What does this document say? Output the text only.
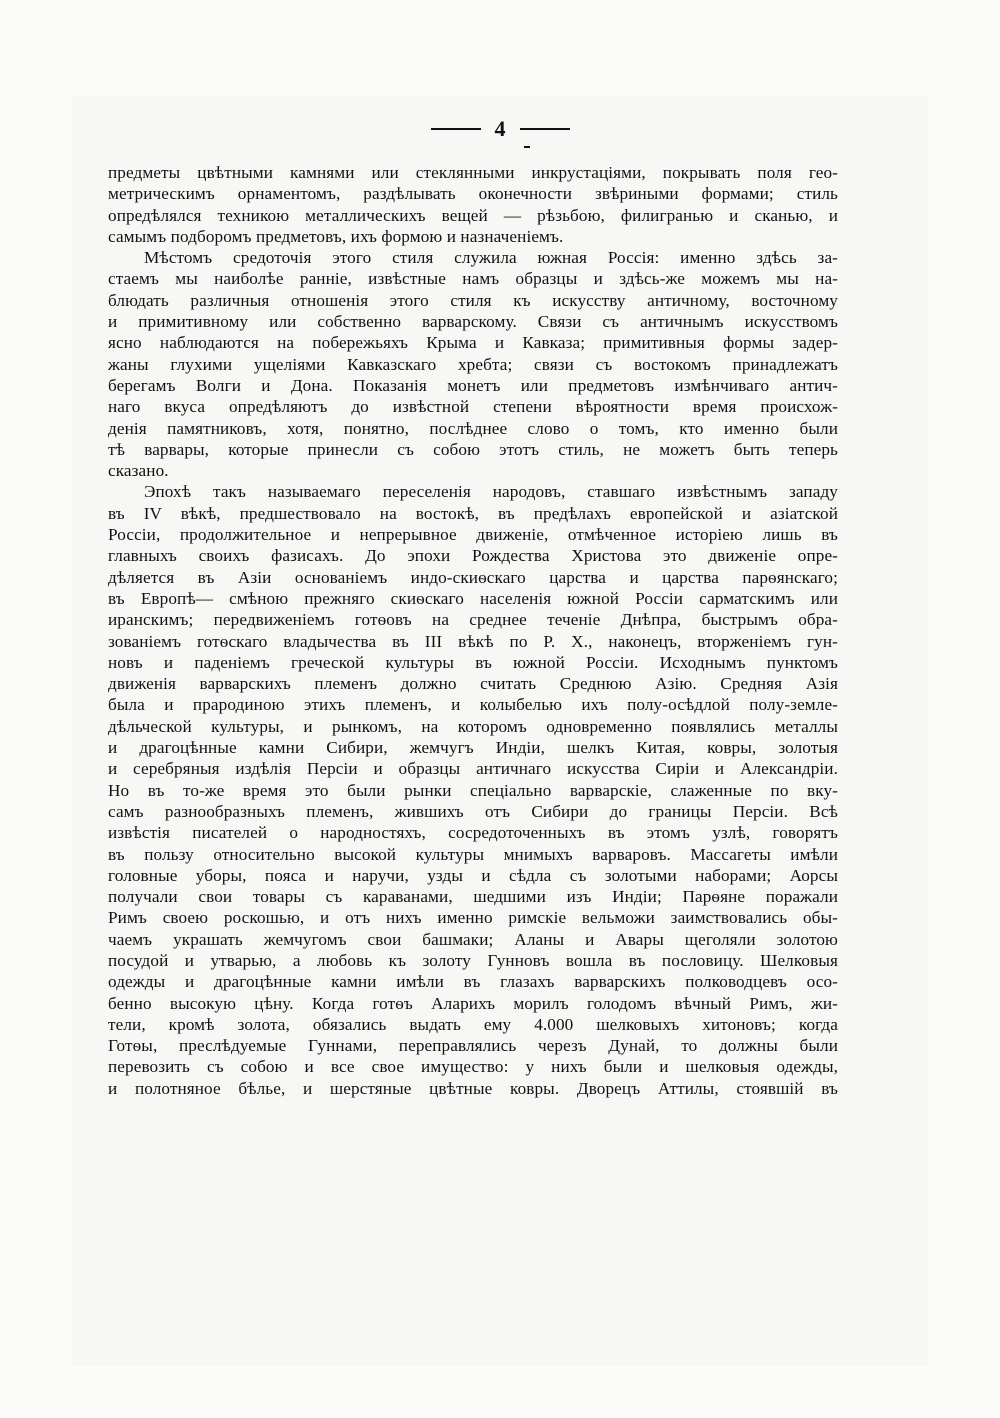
4
предметы цвѣтными камнями или стеклянными инкрустаціями, покрывать поля гео-
метрическимъ орнаментомъ, раздѣлывать оконечности звѣриными формами; стиль
опредѣлялся техникою металлическихъ вещей — рѣзьбою, филигранью и сканью, и
самымъ подборомъ предметовъ, ихъ формою и назначеніемъ.
Мѣстомъ средоточія этого стиля служила южная Россія: именно здѣсь за-
стаемъ мы наиболѣе ранніе, извѣстные намъ образцы и здѣсь-же можемъ мы на-
блюдать различныя отношенія этого стиля къ искусству античному, восточному
и примитивному или собственно варварскому. Связи съ античнымъ искусствомъ
ясно наблюдаются на побережьяхъ Крыма и Кавказа; примитивныя формы задер-
жаны глухими ущеліями Кавказскаго хребта; связи съ востокомъ принадлежатъ
берегамъ Волги и Дона. Показанія монетъ или предметовъ измѣнчиваго антич-
наго вкуса опредѣляютъ до извѣстной степени вѣроятности время происхож-
денія памятниковъ, хотя, понятно, послѣднее слово о томъ, кто именно были
тѣ варвары, которые принесли съ собою этотъ стиль, не можетъ быть теперь
сказано.
Эпохѣ такъ называемаго переселенія народовъ, ставшаго извѣстнымъ западу
въ IV вѣкѣ, предшествовало на востокѣ, въ предѣлахъ европейской и азіатской
Россіи, продолжительное и непрерывное движеніе, отмѣченное исторіею лишь въ
главныхъ своихъ фазисахъ. До эпохи Рождества Христова это движеніе опре-
дѣляется въ Азіи основаніемъ индо-скиѳскаго царства и царства парѳянскаго;
въ Европѣ— смѣною прежняго скиѳскаго населенія южной Россіи сарматскимъ или
иранскимъ; передвиженіемъ готѳовъ на среднее теченіе Днѣпра, быстрымъ обра-
зованіемъ готѳскаго владычества въ III вѣкѣ по Р. Х., наконецъ, вторженіемъ гун-
новъ и паденіемъ греческой культуры въ южной Россіи. Исходнымъ пунктомъ
движенія варварскихъ племенъ должно считать Среднюю Азію. Средняя Азія
была и прародиною этихъ племенъ, и колыбелью ихъ полу-осѣдлой полу-земле-
дѣльческой культуры, и рынкомъ, на которомъ одновременно появлялись металлы
и драгоцѣнные камни Сибири, жемчугъ Индіи, шелкъ Китая, ковры, золотыя
и серебряныя издѣлія Персіи и образцы античнаго искусства Сиріи и Александріи.
Но въ то-же время это были рынки спеціально варварскіе, слаженные по вку-
самъ разнообразныхъ племенъ, жившихъ отъ Сибири до границы Персіи. Всѣ
извѣстія писателей о народностяхъ, сосредоточенныхъ въ этомъ узлѣ, говорятъ
въ пользу относительно высокой культуры мнимыхъ варваровъ. Массагеты имѣли
головные уборы, пояса и наручи, узды и сѣдла съ золотыми наборами; Аорсы
получали свои товары съ караванами, шедшими изъ Индіи; Парѳяне поражали
Римъ своею роскошью, и отъ нихъ именно римскіе вельможи заимствовались обы-
чаемъ украшать жемчугомъ свои башмаки; Аланы и Авары щеголяли золотою
посудой и утварью, а любовь къ золоту Гунновъ вошла въ пословицу. Шелковыя
одежды и драгоцѣнные камни имѣли въ глазахъ варварскихъ полководцевъ осо-
бенно высокую цѣну. Когда готѳъ Аларихъ морилъ голодомъ вѣчный Римъ, жи-
тели, кромѣ золота, обязались выдать ему 4.000 шелковыхъ хитоновъ; когда
Готѳы, преслѣдуемые Гуннами, переправлялись черезъ Дунай, то должны были
перевозить съ собою и все свое имущество: у нихъ были и шелковыя одежды,
и полотняное бѣлье, и шерстяные цвѣтные ковры. Дворецъ Аттилы, стоявшій въ
